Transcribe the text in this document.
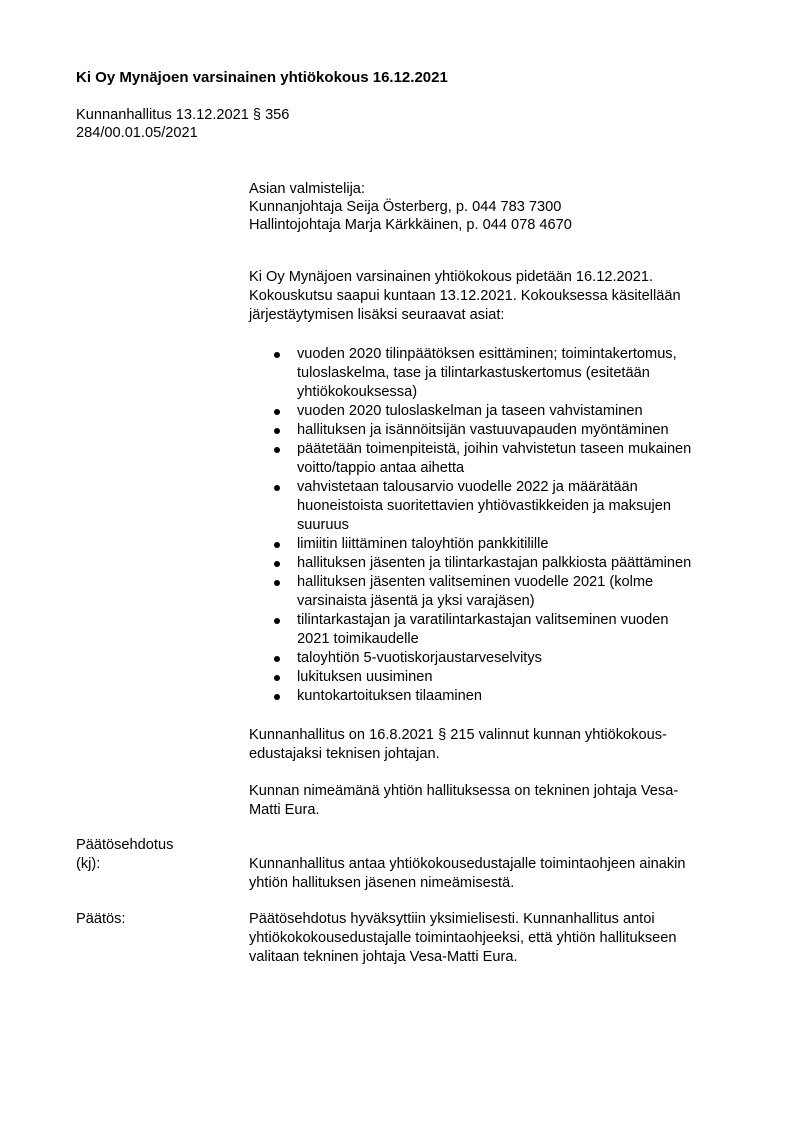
Ki Oy Mynäjoen varsinainen yhtiökokous 16.12.2021
Kunnanhallitus 13.12.2021 § 356
284/00.01.05/2021
Asian valmistelija:
Kunnanjohtaja Seija Österberg, p. 044 783 7300
Hallintojohtaja Marja Kärkkäinen, p. 044 078 4670
Ki Oy Mynäjoen varsinainen yhtiökokous pidetään 16.12.2021.
Kokouskutsu saapui kuntaan 13.12.2021. Kokouksessa käsitellään
järjestäytymisen lisäksi seuraavat asiat:
vuoden 2020 tilinpäätöksen esittäminen; toimintakertomus,
tuloslaskelma, tase ja tilintarkastuskertomus (esitetään
yhtiökokouksessa)
vuoden 2020 tuloslaskelman ja taseen vahvistaminen
hallituksen ja isännöitsijän vastuuvapauden myöntäminen
päätetään toimenpiteistä, joihin vahvistetun taseen mukainen
voitto/tappio antaa aihetta
vahvistetaan talousarvio vuodelle 2022 ja määrätään
huoneistoista suoritettavien yhtiövastikkeiden ja maksujen
suuruus
limiitin liittäminen taloyhtiön pankkitilille
hallituksen jäsenten ja tilintarkastajan palkkiosta päättäminen
hallituksen jäsenten valitseminen vuodelle 2021 (kolme
varsinaista jäsentä ja yksi varajäsen)
tilintarkastajan ja varatilintarkastajan valitseminen vuoden
2021 toimikaudelle
taloyhtiön 5-vuotiskorjaustarveselvitys
lukituksen uusiminen
kuntokartoituksen tilaaminen
Kunnanhallitus on 16.8.2021 § 215 valinnut kunnan yhtiökokous-
edustajaksi teknisen johtajan.
Kunnan nimeämänä yhtiön hallituksessa on tekninen johtaja Vesa-
Matti Eura.
Päätösehdotus
(kj):	Kunnanhallitus antaa yhtiökokousedustajalle toimintaohjeen ainakin
yhtiön hallituksen jäsenen nimeämisestä.
Päätös:	Päätösehdotus hyväksyttiin yksimielisesti. Kunnanhallitus antoi
yhtiökokokousedustajalle toimintaohjeeksi, että yhtiön hallitukseen
valitaan tekninen johtaja Vesa-Matti Eura.
